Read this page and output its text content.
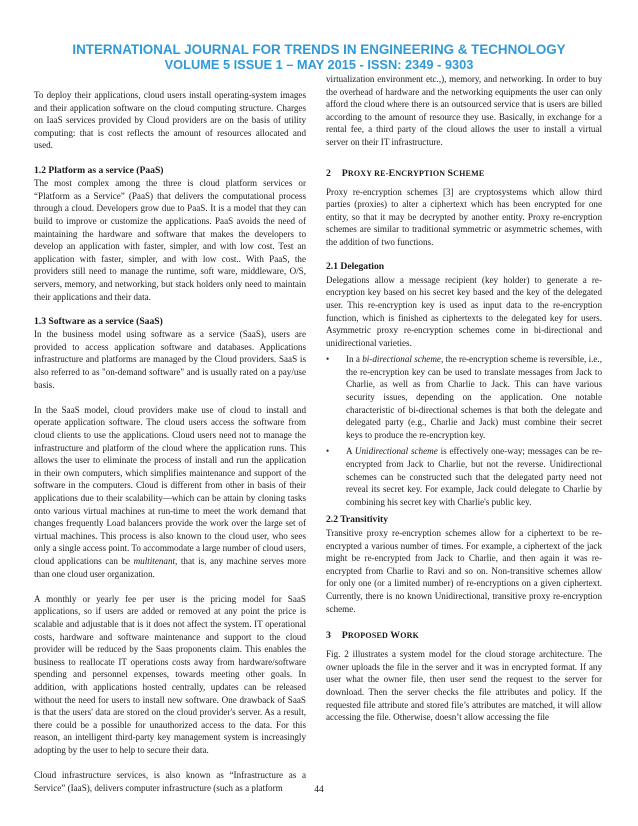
INTERNATIONAL JOURNAL FOR TRENDS IN ENGINEERING & TECHNOLOGY
VOLUME 5 ISSUE 1 – MAY 2015 - ISSN: 2349 - 9303

To deploy their applications, cloud users install operating-system images and their application software on the cloud computing structure. Charges on IaaS services provided by Cloud providers are on the basis of utility computing: that is cost reflects the amount of resources allocated and used.

1.2 Platform as a service (PaaS)

The most complex among the three is cloud platform services or “Platform as a Service” (PaaS) that delivers the computational process through a cloud. Developers grow due to PaaS. It is a model that they can build to improve or customize the applications. PaaS avoids the need of maintaining the hardware and software that makes the developers to develop an application with faster, simpler, and with low cost. Test an application with faster, simpler, and with low cost.. With PaaS, the providers still need to manage the runtime, soft ware, middleware, O/S, servers, memory, and networking, but stack holders only need to maintain their applications and their data.

1.3 Software as a service (SaaS)

In the business model using software as a service (SaaS), users are provided to access application software and databases. Applications infrastructure and platforms are managed by the Cloud providers. SaaS is also referred to as "on-demand software" and is usually rated on a pay/use basis.

In the SaaS model, cloud providers make use of cloud to install and operate application software. The cloud users access the software from cloud clients to use the applications. Cloud users need not to manage the infrastructure and platform of the cloud where the application runs. This allows the user to eliminate the process of install and run the application in their own computers, which simplifies maintenance and support of the software in the computers. Cloud is different from other in basis of their applications due to their scalability—which can be attain by cloning tasks onto various virtual machines at run-time to meet the work demand that changes frequently Load balancers provide the work over the large set of virtual machines. This process is also known to the cloud user, who sees only a single access point. To accommodate a large number of cloud users, cloud applications can be multitenant, that is, any machine serves more than one cloud user organization.

A monthly or yearly fee per user is the pricing model for SaaS applications, so if users are added or removed at any point the price is scalable and adjustable that is it does not affect the system. IT operational costs, hardware and software maintenance and support to the cloud provider will be reduced by the Saas proponents claim. This enables the business to reallocate IT operations costs away from hardware/software spending and personnel expenses, towards meeting other goals. In addition, with applications hosted centrally, updates can be released without the need for users to install new software. One drawback of SaaS is that the users' data are stored on the cloud provider's server. As a result, there could be a possible for unauthorized access to the data. For this reason, an intelligent third-party key management system is increasingly adopting by the user to help to secure their data.

Cloud infrastructure services, is also known as “Infrastructure as a Service” (IaaS), delivers computer infrastructure (such as a platform

virtualization environment etc.,), memory, and networking. In order to buy the overhead of hardware and the networking equipments the user can only afford the cloud where there is an outsourced service that is users are billed according to the amount of resource they use. Basically, in exchange for a rental fee, a third party of the cloud allows the user to install a virtual server on their IT infrastructure.

2 PROXY RE-ENCRYPTION SCHEME

Proxy re-encryption schemes [3] are cryptosystems which allow third parties (proxies) to alter a ciphertext which has been encrypted for one entity, so that it may be decrypted by another entity. Proxy re-encryption schemes are similar to traditional symmetric or asymmetric schemes, with the addition of two functions.

2.1 Delegation

Delegations allow a message recipient (key holder) to generate a re-encryption key based on his secret key based and the key of the delegated user. This re-encryption key is used as input data to the re-encryption function, which is finished as ciphertexts to the delegated key for users. Asymmetric proxy re-encryption schemes come in bi-directional and unidirectional varieties.

• In a bi-directional scheme, the re-encryption scheme is reversible, i.e., the re-encryption key can be used to translate messages from Jack to Charlie, as well as from Charlie to Jack. This can have various security issues, depending on the application. One notable characteristic of bi-directional schemes is that both the delegate and delegated party (e.g., Charlie and Jack) must combine their secret keys to produce the re-encryption key.

• A Unidirectional scheme is effectively one-way; messages can be re-encrypted from Jack to Charlie, but not the reverse. Unidirectional schemes can be constructed such that the delegated party need not reveal its secret key. For example, Jack could delegate to Charlie by combining his secret key with Charlie's public key.

2.2 Transitivity

Transitive proxy re-encryption schemes allow for a ciphertext to be re-encrypted a various number of times. For example, a ciphertext of the jack might be re-encrypted from Jack to Charlie, and then again it was re-encrypted from Charlie to Ravi and so on. Non-transitive schemes allow for only one (or a limited number) of re-encryptions on a given ciphertext. Currently, there is no known Unidirectional, transitive proxy re-encryption scheme.

3 PROPOSED WORK

Fig. 2 illustrates a system model for the cloud storage architecture. The owner uploads the file in the server and it was in encrypted format. If any user what the owner file, then user send the request to the server for download. Then the server checks the file attributes and policy. If the requested file attribute and stored file’s attributes are matched, it will allow accessing the file. Otherwise, doesn’t allow accessing the file

44
